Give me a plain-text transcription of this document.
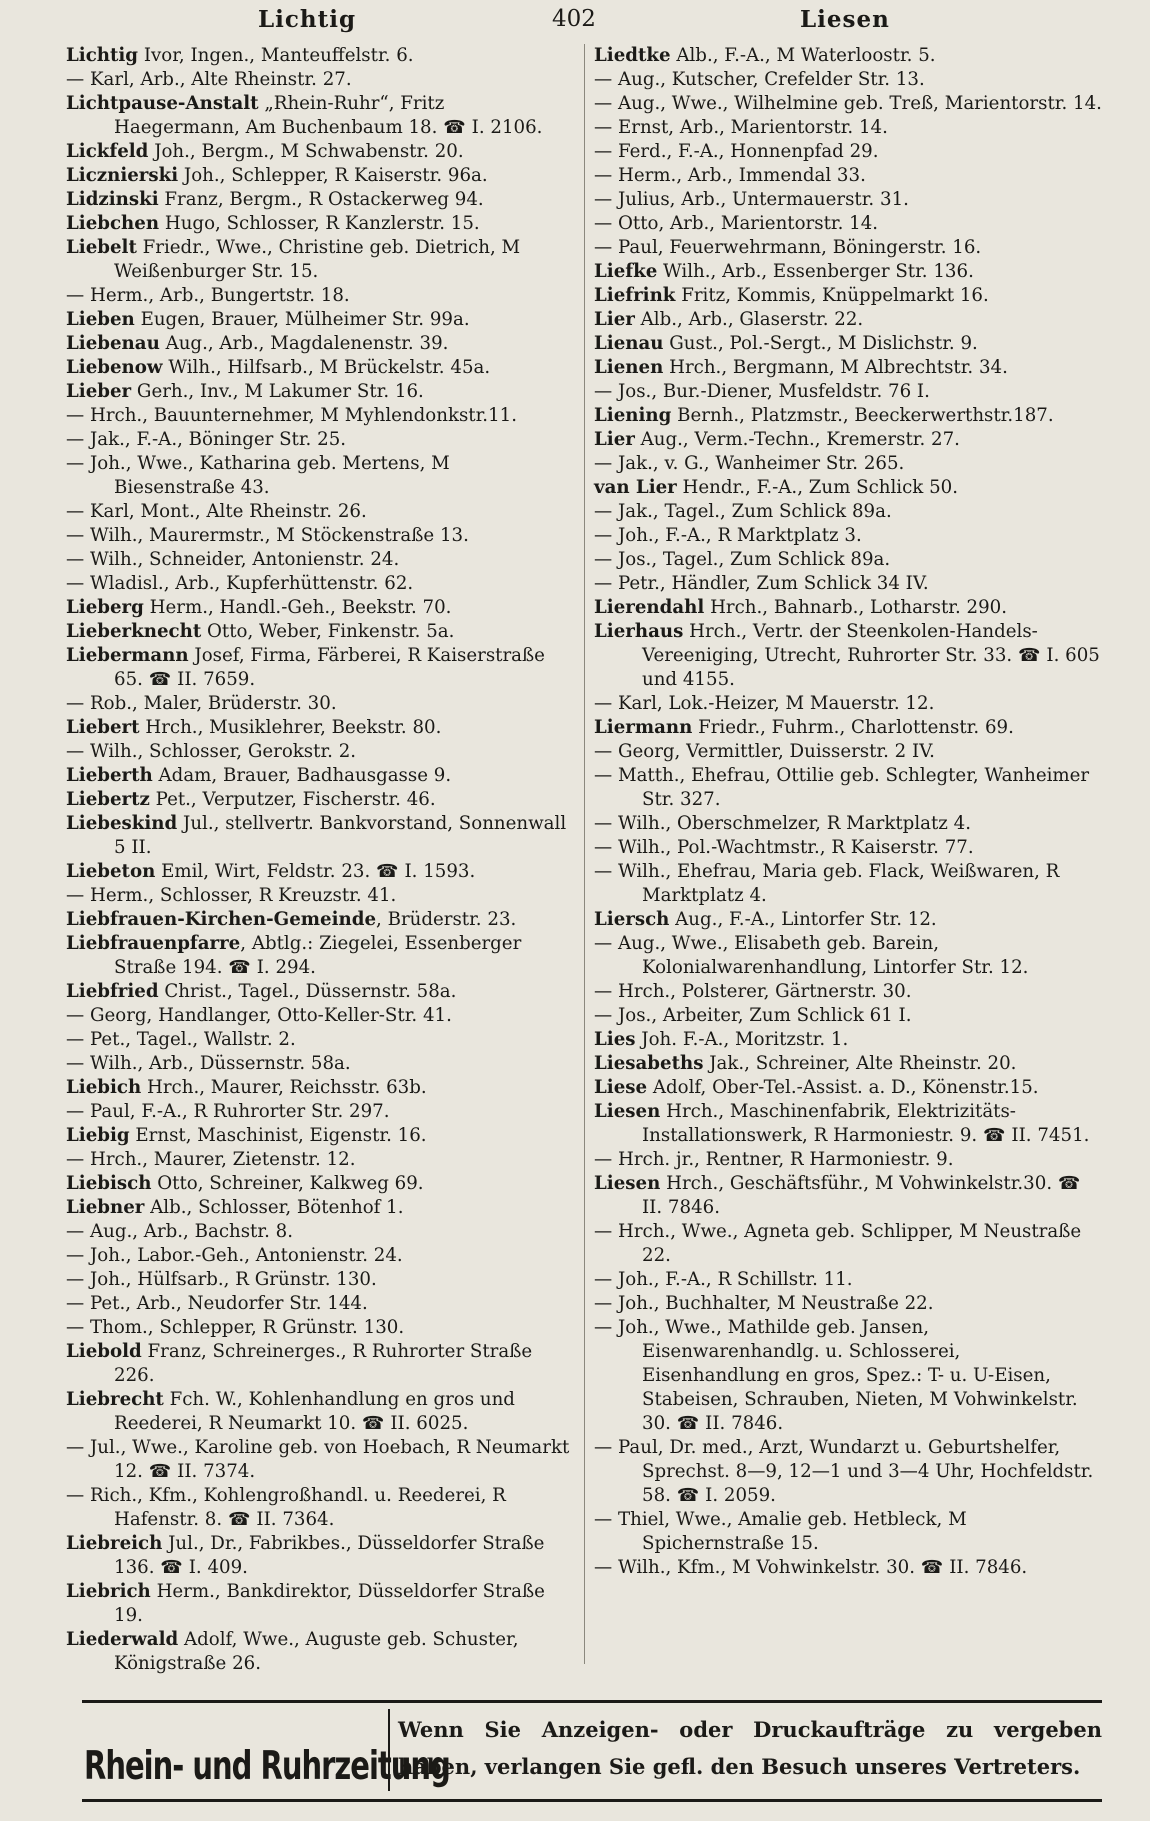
Lichtig	402	Liesen

Lichtig Ivor, Ingen., Manteuffelstr. 6.

— Karl, Arb., Alte Rheinstr. 27.

Lichtpause-Anstalt „Rhein-Ruhr“, Fritz Haegermann, Am Buchenbaum 18. ☎ I. 2106.

Lickfeld Joh., Bergm., M Schwabenstr. 20.

Licznierski Joh., Schlepper, R Kaiserstr. 96a.

Lidzinski Franz, Bergm., R Ostackerweg 94.

Liebchen Hugo, Schlosser, R Kanzlerstr. 15.

Liebelt Friedr., Wwe., Christine geb. Dietrich, M Weißenburger Str. 15.

— Herm., Arb., Bungertstr. 18.

Lieben Eugen, Brauer, Mülheimer Str. 99a.

Liebenau Aug., Arb., Magdalenenstr. 39.

Liebenow Wilh., Hilfsarb., M Brückelstr. 45a.

Lieber Gerh., Inv., M Lakumer Str. 16.

— Hrch., Bauunternehmer, M Myhlendonkstr.11.

— Jak., F.-A., Böninger Str. 25.

— Joh., Wwe., Katharina geb. Mertens, M Biesenstraße 43.

— Karl, Mont., Alte Rheinstr. 26.

— Wilh., Maurermstr., M Stöckenstraße 13.

— Wilh., Schneider, Antonienstr. 24.

— Wladisl., Arb., Kupferhüttenstr. 62.

Lieberg Herm., Handl.-Geh., Beekstr. 70.

Lieberknecht Otto, Weber, Finkenstr. 5a.

Liebermann Josef, Firma, Färberei, R Kaiserstraße 65. ☎ II. 7659.

— Rob., Maler, Brüderstr. 30.

Liebert Hrch., Musiklehrer, Beekstr. 80.

— Wilh., Schlosser, Gerokstr. 2.

Lieberth Adam, Brauer, Badhausgasse 9.

Liebertz Pet., Verputzer, Fischerstr. 46.

Liebeskind Jul., stellvertr. Bankvorstand, Sonnenwall 5 II.

Liebeton Emil, Wirt, Feldstr. 23. ☎ I. 1593.

— Herm., Schlosser, R Kreuzstr. 41.

Liebfrauen-Kirchen-Gemeinde, Brüderstr. 23.

Liebfrauenpfarre, Abtlg.: Ziegelei, Essenberger Straße 194. ☎ I. 294.

Liebfried Christ., Tagel., Düssernstr. 58a.

— Georg, Handlanger, Otto-Keller-Str. 41.

— Pet., Tagel., Wallstr. 2.

— Wilh., Arb., Düssernstr. 58a.

Liebich Hrch., Maurer, Reichsstr. 63b.

— Paul, F.-A., R Ruhrorter Str. 297.

Liebig Ernst, Maschinist, Eigenstr. 16.

— Hrch., Maurer, Zietenstr. 12.

Liebisch Otto, Schreiner, Kalkweg 69.

Liebner Alb., Schlosser, Bötenhof 1.

— Aug., Arb., Bachstr. 8.

— Joh., Labor.-Geh., Antonienstr. 24.

— Joh., Hülfsarb., R Grünstr. 130.

— Pet., Arb., Neudorfer Str. 144.

— Thom., Schlepper, R Grünstr. 130.

Liebold Franz, Schreinerges., R Ruhrorter Straße 226.

Liebrecht Fch. W., Kohlenhandlung en gros und Reederei, R Neumarkt 10. ☎ II. 6025.

— Jul., Wwe., Karoline geb. von Hoebach, R Neumarkt 12. ☎ II. 7374.

— Rich., Kfm., Kohlengroßhandl. u. Reederei, R Hafenstr. 8. ☎ II. 7364.

Liebreich Jul., Dr., Fabrikbes., Düsseldorfer Straße 136. ☎ I. 409.

Liebrich Herm., Bankdirektor, Düsseldorfer Straße 19.

Liederwald Adolf, Wwe., Auguste geb. Schuster, Königstraße 26.

Liedtke Alb., F.-A., M Waterloostr. 5.

— Aug., Kutscher, Crefelder Str. 13.

— Aug., Wwe., Wilhelmine geb. Treß, Marientorstr. 14.

— Ernst, Arb., Marientorstr. 14.

— Ferd., F.-A., Honnenpfad 29.

— Herm., Arb., Immendal 33.

— Julius, Arb., Untermauerstr. 31.

— Otto, Arb., Marientorstr. 14.

— Paul, Feuerwehrmann, Böningerstr. 16.

Liefke Wilh., Arb., Essenberger Str. 136.

Liefrink Fritz, Kommis, Knüppelmarkt 16.

Lier Alb., Arb., Glaserstr. 22.

Lienau Gust., Pol.-Sergt., M Dislichstr. 9.

Lienen Hrch., Bergmann, M Albrechtstr. 34.

— Jos., Bur.-Diener, Musfeldstr. 76 I.

Liening Bernh., Platzmstr., Beeckerwerthstr.187.

Lier Aug., Verm.-Techn., Kremerstr. 27.

— Jak., v. G., Wanheimer Str. 265.

van Lier Hendr., F.-A., Zum Schlick 50.

— Jak., Tagel., Zum Schlick 89a.

— Joh., F.-A., R Marktplatz 3.

— Jos., Tagel., Zum Schlick 89a.

— Petr., Händler, Zum Schlick 34 IV.

Lierendahl Hrch., Bahnarb., Lotharstr. 290.

Lierhaus Hrch., Vertr. der Steenkolen-Handels-Vereeniging, Utrecht, Ruhrorter Str. 33. ☎ I. 605 und 4155.

— Karl, Lok.-Heizer, M Mauerstr. 12.

Liermann Friedr., Fuhrm., Charlottenstr. 69.

— Georg, Vermittler, Duisserstr. 2 IV.

— Matth., Ehefrau, Ottilie geb. Schlegter, Wanheimer Str. 327.

— Wilh., Oberschmelzer, R Marktplatz 4.

— Wilh., Pol.-Wachtmstr., R Kaiserstr. 77.

— Wilh., Ehefrau, Maria geb. Flack, Weißwaren, R Marktplatz 4.

Liersch Aug., F.-A., Lintorfer Str. 12.

— Aug., Wwe., Elisabeth geb. Barein, Kolonialwarenhandlung, Lintorfer Str. 12.

— Hrch., Polsterer, Gärtnerstr. 30.

— Jos., Arbeiter, Zum Schlick 61 I.

Lies Joh. F.-A., Moritzstr. 1.

Liesabeths Jak., Schreiner, Alte Rheinstr. 20.

Liese Adolf, Ober-Tel.-Assist. a. D., Könenstr.15.

Liesen Hrch., Maschinenfabrik, Elektrizitäts-Installationswerk, R Harmoniestr. 9. ☎ II. 7451.

— Hrch. jr., Rentner, R Harmoniestr. 9.

Liesen Hrch., Geschäftsführ., M Vohwinkelstr.30. ☎ II. 7846.

— Hrch., Wwe., Agneta geb. Schlipper, M Neustraße 22.

— Joh., F.-A., R Schillstr. 11.

— Joh., Buchhalter, M Neustraße 22.

— Joh., Wwe., Mathilde geb. Jansen, Eisenwarenhandlg. u. Schlosserei, Eisenhandlung en gros, Spez.: T- u. U-Eisen, Stabeisen, Schrauben, Nieten, M Vohwinkelstr. 30. ☎ II. 7846.

— Paul, Dr. med., Arzt, Wundarzt u. Geburtshelfer, Sprechst. 8—9, 12—1 und 3—4 Uhr, Hochfeldstr. 58. ☎ I. 2059.

— Thiel, Wwe., Amalie geb. Hetbleck, M Spichernstraße 15.

— Wilh., Kfm., M Vohwinkelstr. 30. ☎ II. 7846.

Rhein- und Ruhrzeitung
Wenn Sie Anzeigen- oder Druckaufträge zu vergeben haben, verlangen Sie gefl. den Besuch unseres Vertreters.
